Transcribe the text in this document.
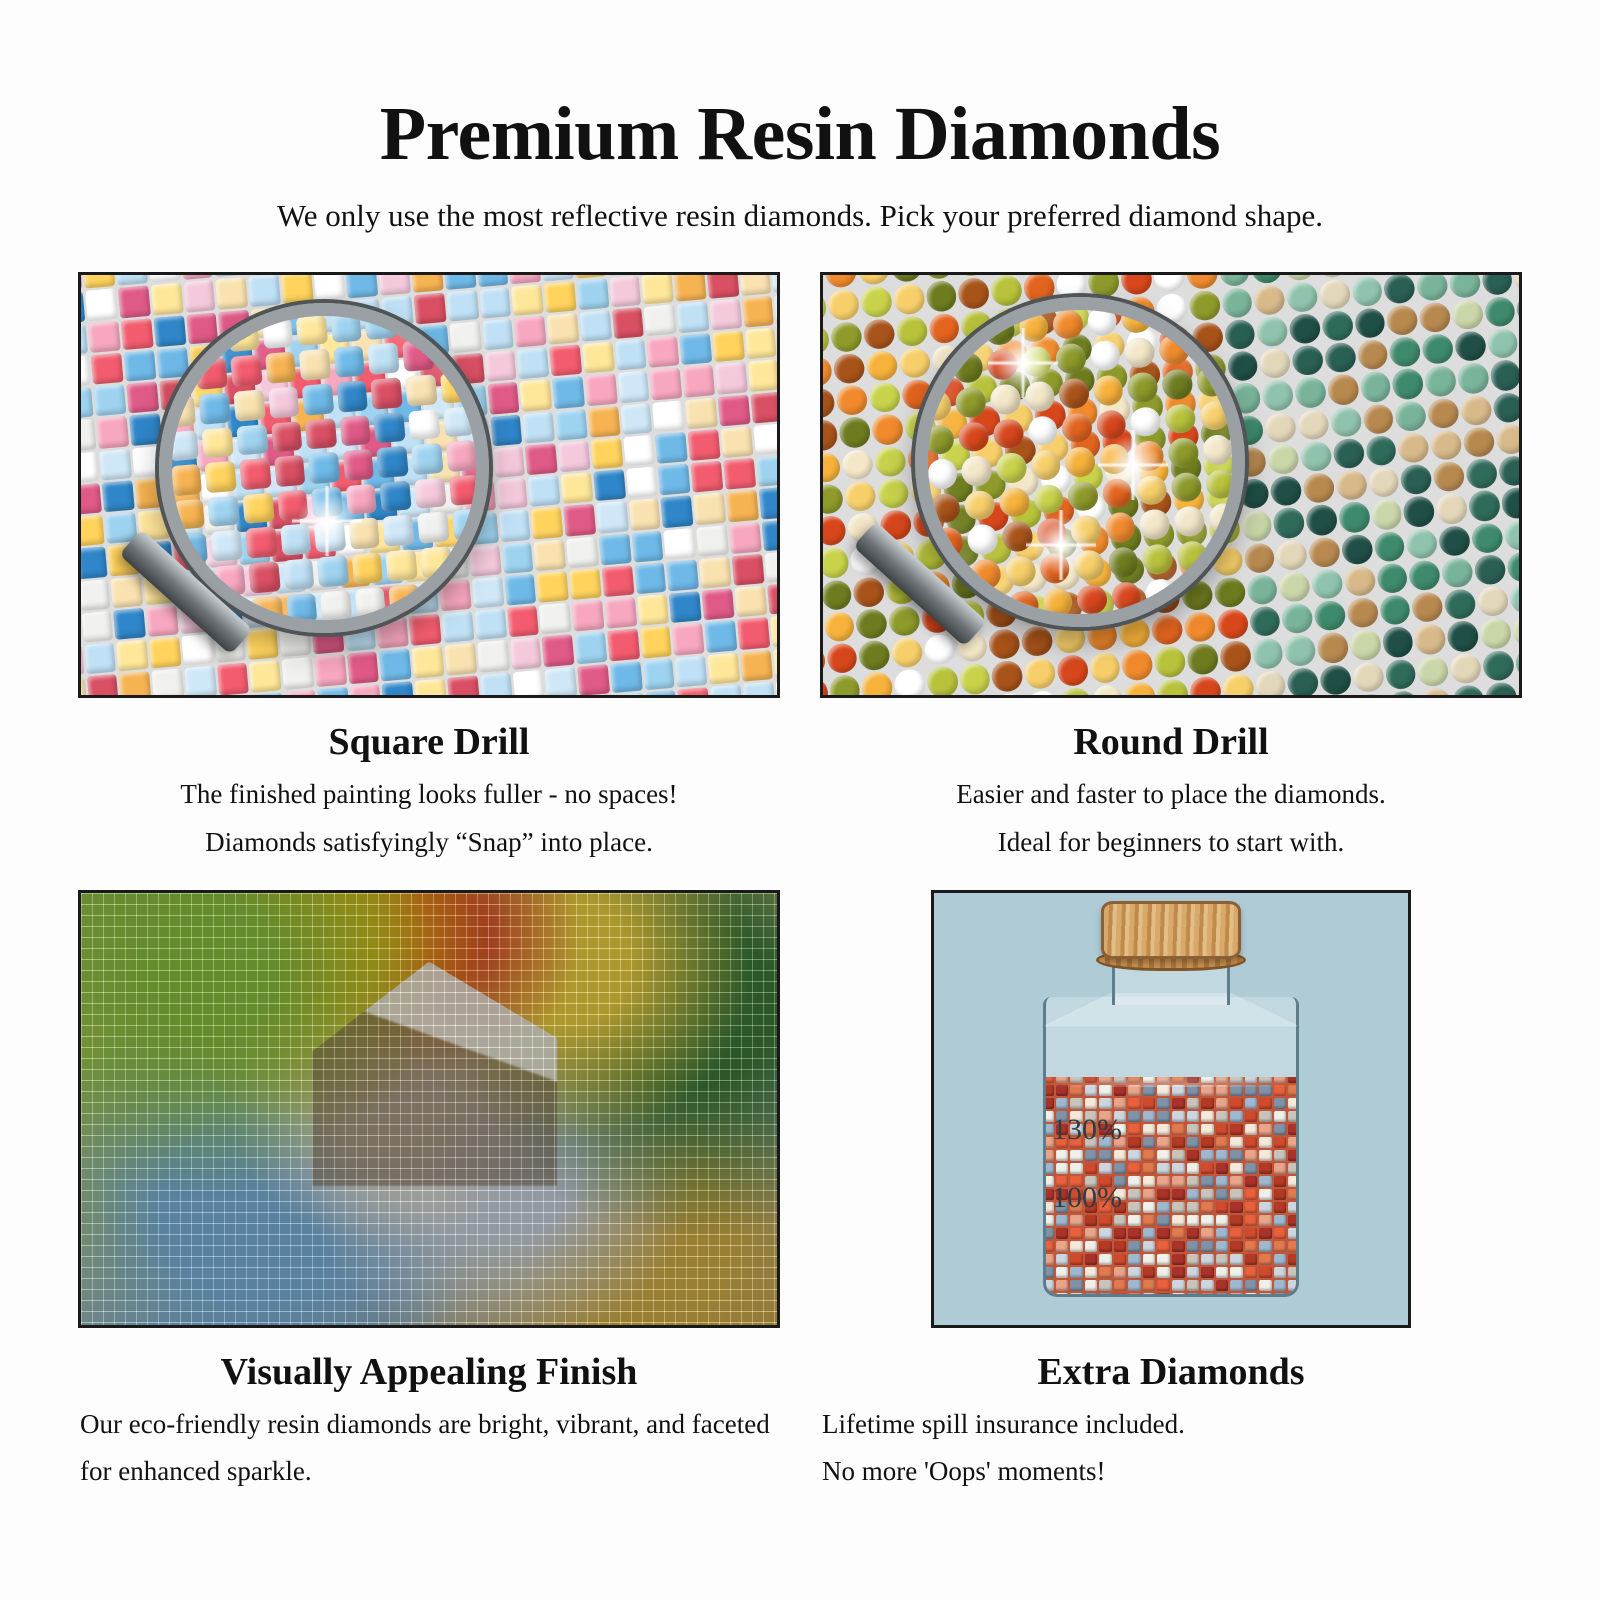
Premium Resin Diamonds

We only use the most reflective resin diamonds. Pick your preferred diamond shape.

Square Drill
The finished painting looks fuller - no spaces!
Diamonds satisfyingly “Snap” into place.
Round Drill
Easier and faster to place the diamonds.
Ideal for beginners to start with.
Visually Appealing Finish
Our eco-friendly resin diamonds are bright, vibrant, and faceted
for enhanced sparkle.
130%
100%
Extra Diamonds
Lifetime spill insurance included.
No more 'Oops' moments!
